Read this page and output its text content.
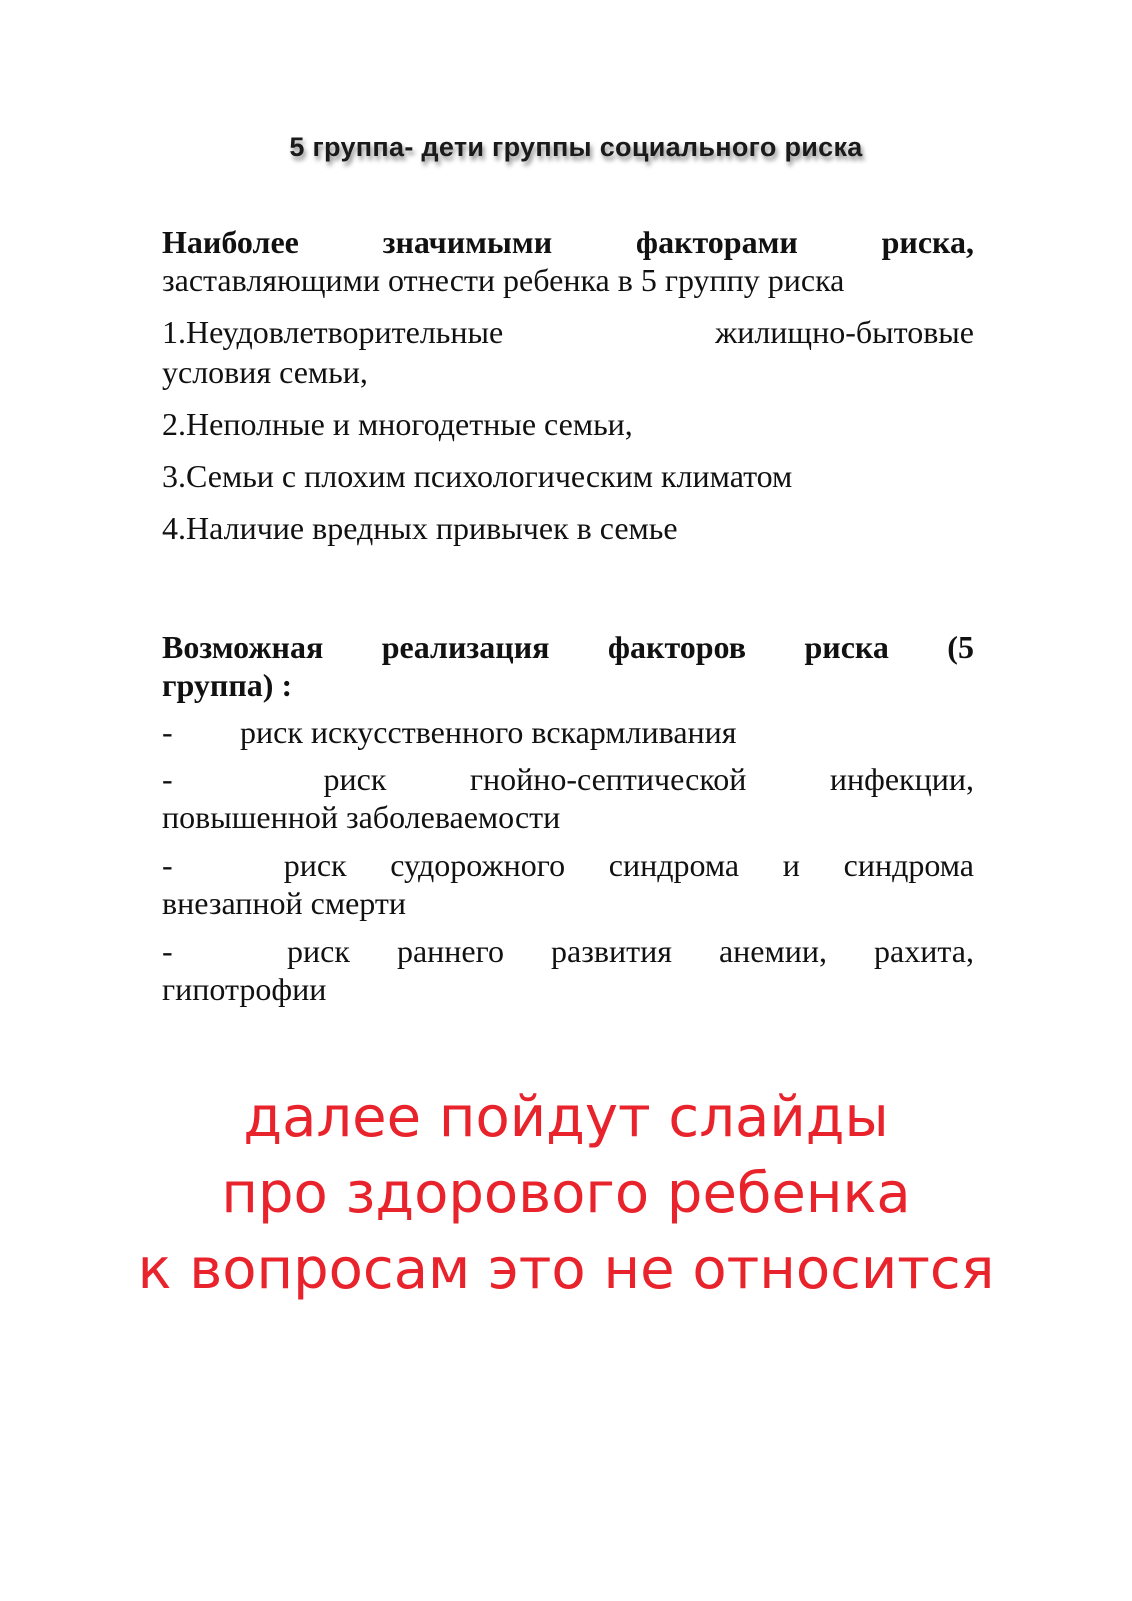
5 группа- дети группы социального риска
Наиболее	значимыми	факторами	риска,
заставляющими отнести ребенка в 5 группу риска
1.Неудовлетворительные	жилищно-бытовые
условия семьи,
2.Неполные и многодетные семьи,
3.Семьи с плохим психологическим климатом
4.Наличие вредных привычек в семье
Возможная реализация факторов риска (5
группа) :
-	риск искусственного вскармливания
-	риск	гнойно-септической	инфекции,
повышенной заболеваемости
-	риск судорожного синдрома и синдрома
внезапной смерти
-	риск раннего развития анемии, рахита,
гипотрофии
далее пойдут слайды
про здорового ребенка
к вопросам это не относится
